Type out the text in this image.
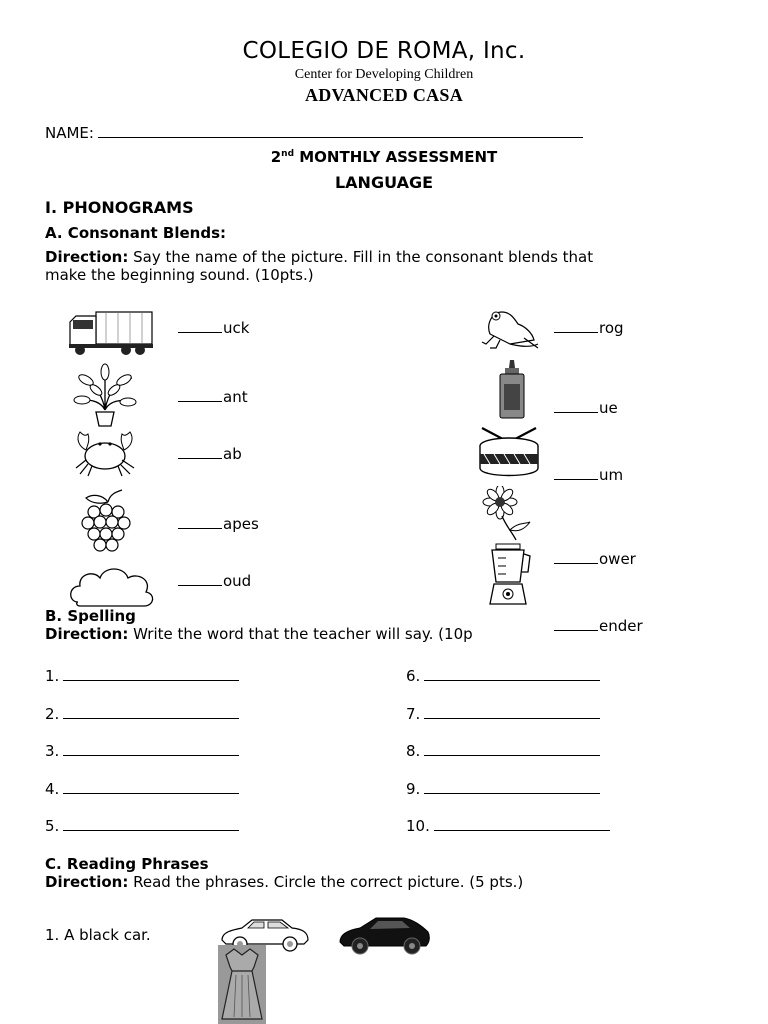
COLEGIO DE ROMA, Inc.
Center for Developing Children
ADVANCED CASA
NAME:
2nd MONTHLY ASSESSMENT
LANGUAGE
I. PHONOGRAMS
A. Consonant Blends:
Direction: Say the name of the picture. Fill in the consonant blends that
make the beginning sound. (10pts.)
uck
ant
ab
apes
oud
rog
ue
um
ower
B. Spelling
Direction: Write the word that the teacher will say. (10p	ender
1.
2.
3.
4.
5.
6.
7.
8.
9.
10.
C. Reading Phrases
Direction: Read the phrases. Circle the correct picture. (5 pts.)
1. A black car.
